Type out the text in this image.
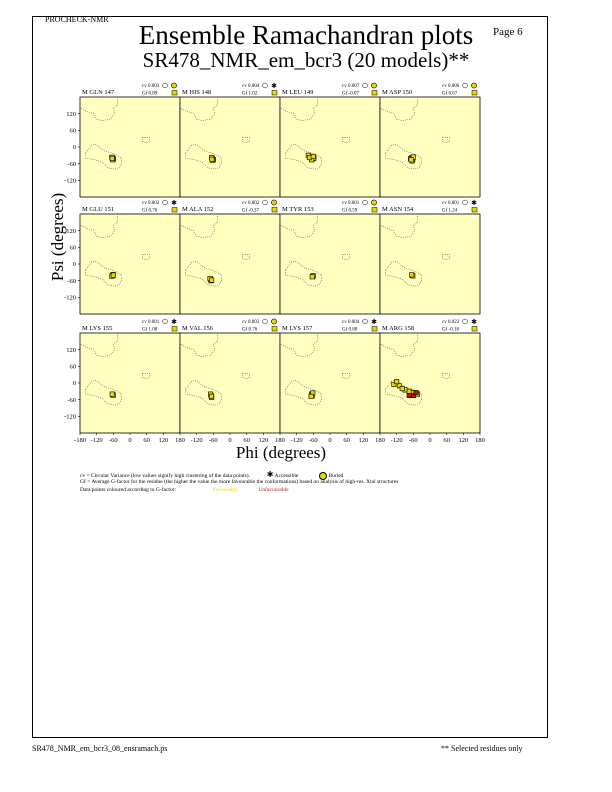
PROCHECK-NMR
Page 6
Ensemble Ramachandran plots
SR478_NMR_em_bcr3 (20 models)**
Psi (degrees)
Phi (degrees)
M GLN 147
cv 0.003
Gf 0.89
120
60
0
-60
-120
M HIS 148
cv 0.004
Gf 1.02
✱
M LEU 149
cv 0.007
Gf -0.07	M ASP 150
cv 0.006
Gf 0.67
M GLU 151
cv 0.002
Gf 0.76
✱
120
60
0
-60
-120
M ALA 152
cv 0.002
Gf -0.37	M TYR 153
cv 0.001
Gf 0.59	M ASN 154
cv 0.001
Gf 1.24
✱
M LYS 155
cv 0.001
Gf 1.08
✱
120
60
0
-60
-120
-180 -120 -60 0 60 120 180
M VAL 156
cv 0.003
Gf 0.76
-120 -60 0 60 120 180
M LYS 157
cv 0.004
Gf 0.88
✱
-120 -60 0 60 120 180
M ARG 158
cv 0.022
Gf -0.18
✱
-120 -60 0 60 120 180
cv = Circular Variance (low values signify high clustering of the data points). ✱ Accessible	Buried
Gf = Average G-factor for the residue (the higher the value the more favourable the conformations) based on analysis of high-res. Xtal structures
Data points coloured according to G-factor:	Favourable	Unfavourable
SR478_NMR_em_bcr3_08_ensramach.ps	** Selected residues only
